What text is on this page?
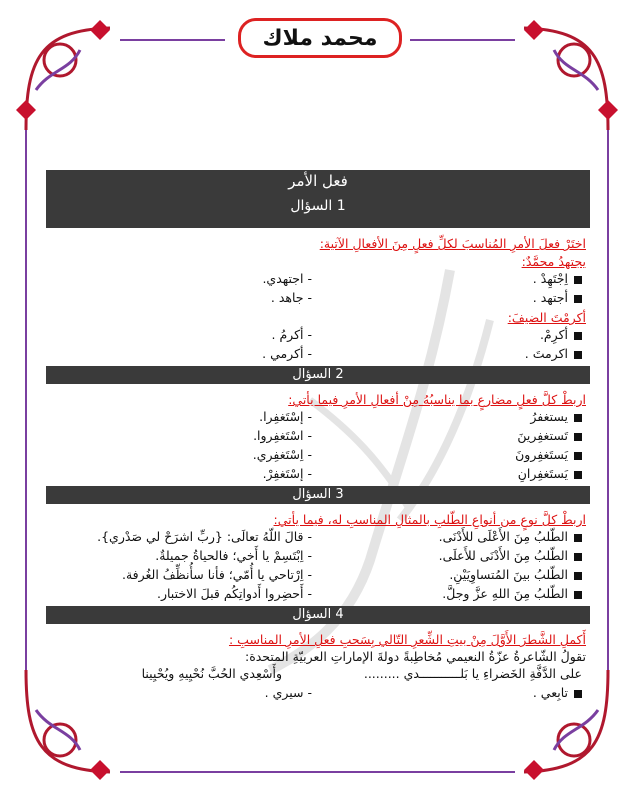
محمد ملاك
فعل الأمر
1 السؤال
اختَرْ فعلَ الأمرِ المُناسبَ لكلِّ فعلٍ مِنَ الأفعالِ الآتية:
يجتهدُ محمَّدٌ:
اِجْتَهِدْ .
- اجتهدي.
أجتهد .
- جاهد .
أكرمْتَ الضيفَ:
أكرِمْ.
- أكرمُ .
اكرمتَ .
- أكرمي .
2 السؤال
اربطْ كلَّ فعلٍ مضارعٍ بما يناسبُهُ مِنْ أفعالِ الأمرِ فيما يأتي:
يستغفرُ
- إسْتَغفِرا.
تَستغفِرينَ
- اسْتَغفِروا.
يَستَغفِرونَ
- اِسْتَغفِري.
يَستَغفِرانِ
- إسْتَغفِرْ.
3 السؤال
اربطْ كلَّ نوعٍ من أنواعِ الطّلبِ بالمثالِ المناسبِ له، فيما يأتي:
الطّلبُ مِنَ الأَعْلَى للأَدْنَى.
- قالَ اللّهُ تعالَى: {ربِّ اشرَحْ لي صَدْري}.
الطّلبُ مِنَ الأَدْنَى للأَعلَى.
- اِبْتَسِمْ يا أَخي؛ فالحياةُ جميلةٌ.
الطّلبُ بينَ المُتساوِيَيْنِ.
- اِرْتاحي يا أُمّي؛ فأنا سأُنظِّفُ الغُرفة.
الطّلبُ مِنَ اللهِ عزَّ وجلَّ.
- أَحضِروا أَدواتِكُم قبلَ الاختبار.
4 السؤال
أَكملِ الشَّطرَ الأَوَّلَ مِنْ بيتِ الشِّعرِ التّالي بِسَحبِ فعلِ الأمرِ المناسبِ :
تقولُ الشّاعرةُ عزّةُ النعيمي مُخاطِبةً دولةَ الإماراتِ العربيّةِ المتحدة:
على الدَّفَّةِ الخَضراءِ يا بَلـــــــــــدي .........
وأَسْعِدي الحُبَّ نُحْيِيهِ ويُحْيِينا
تابِعي .
- سيري .
